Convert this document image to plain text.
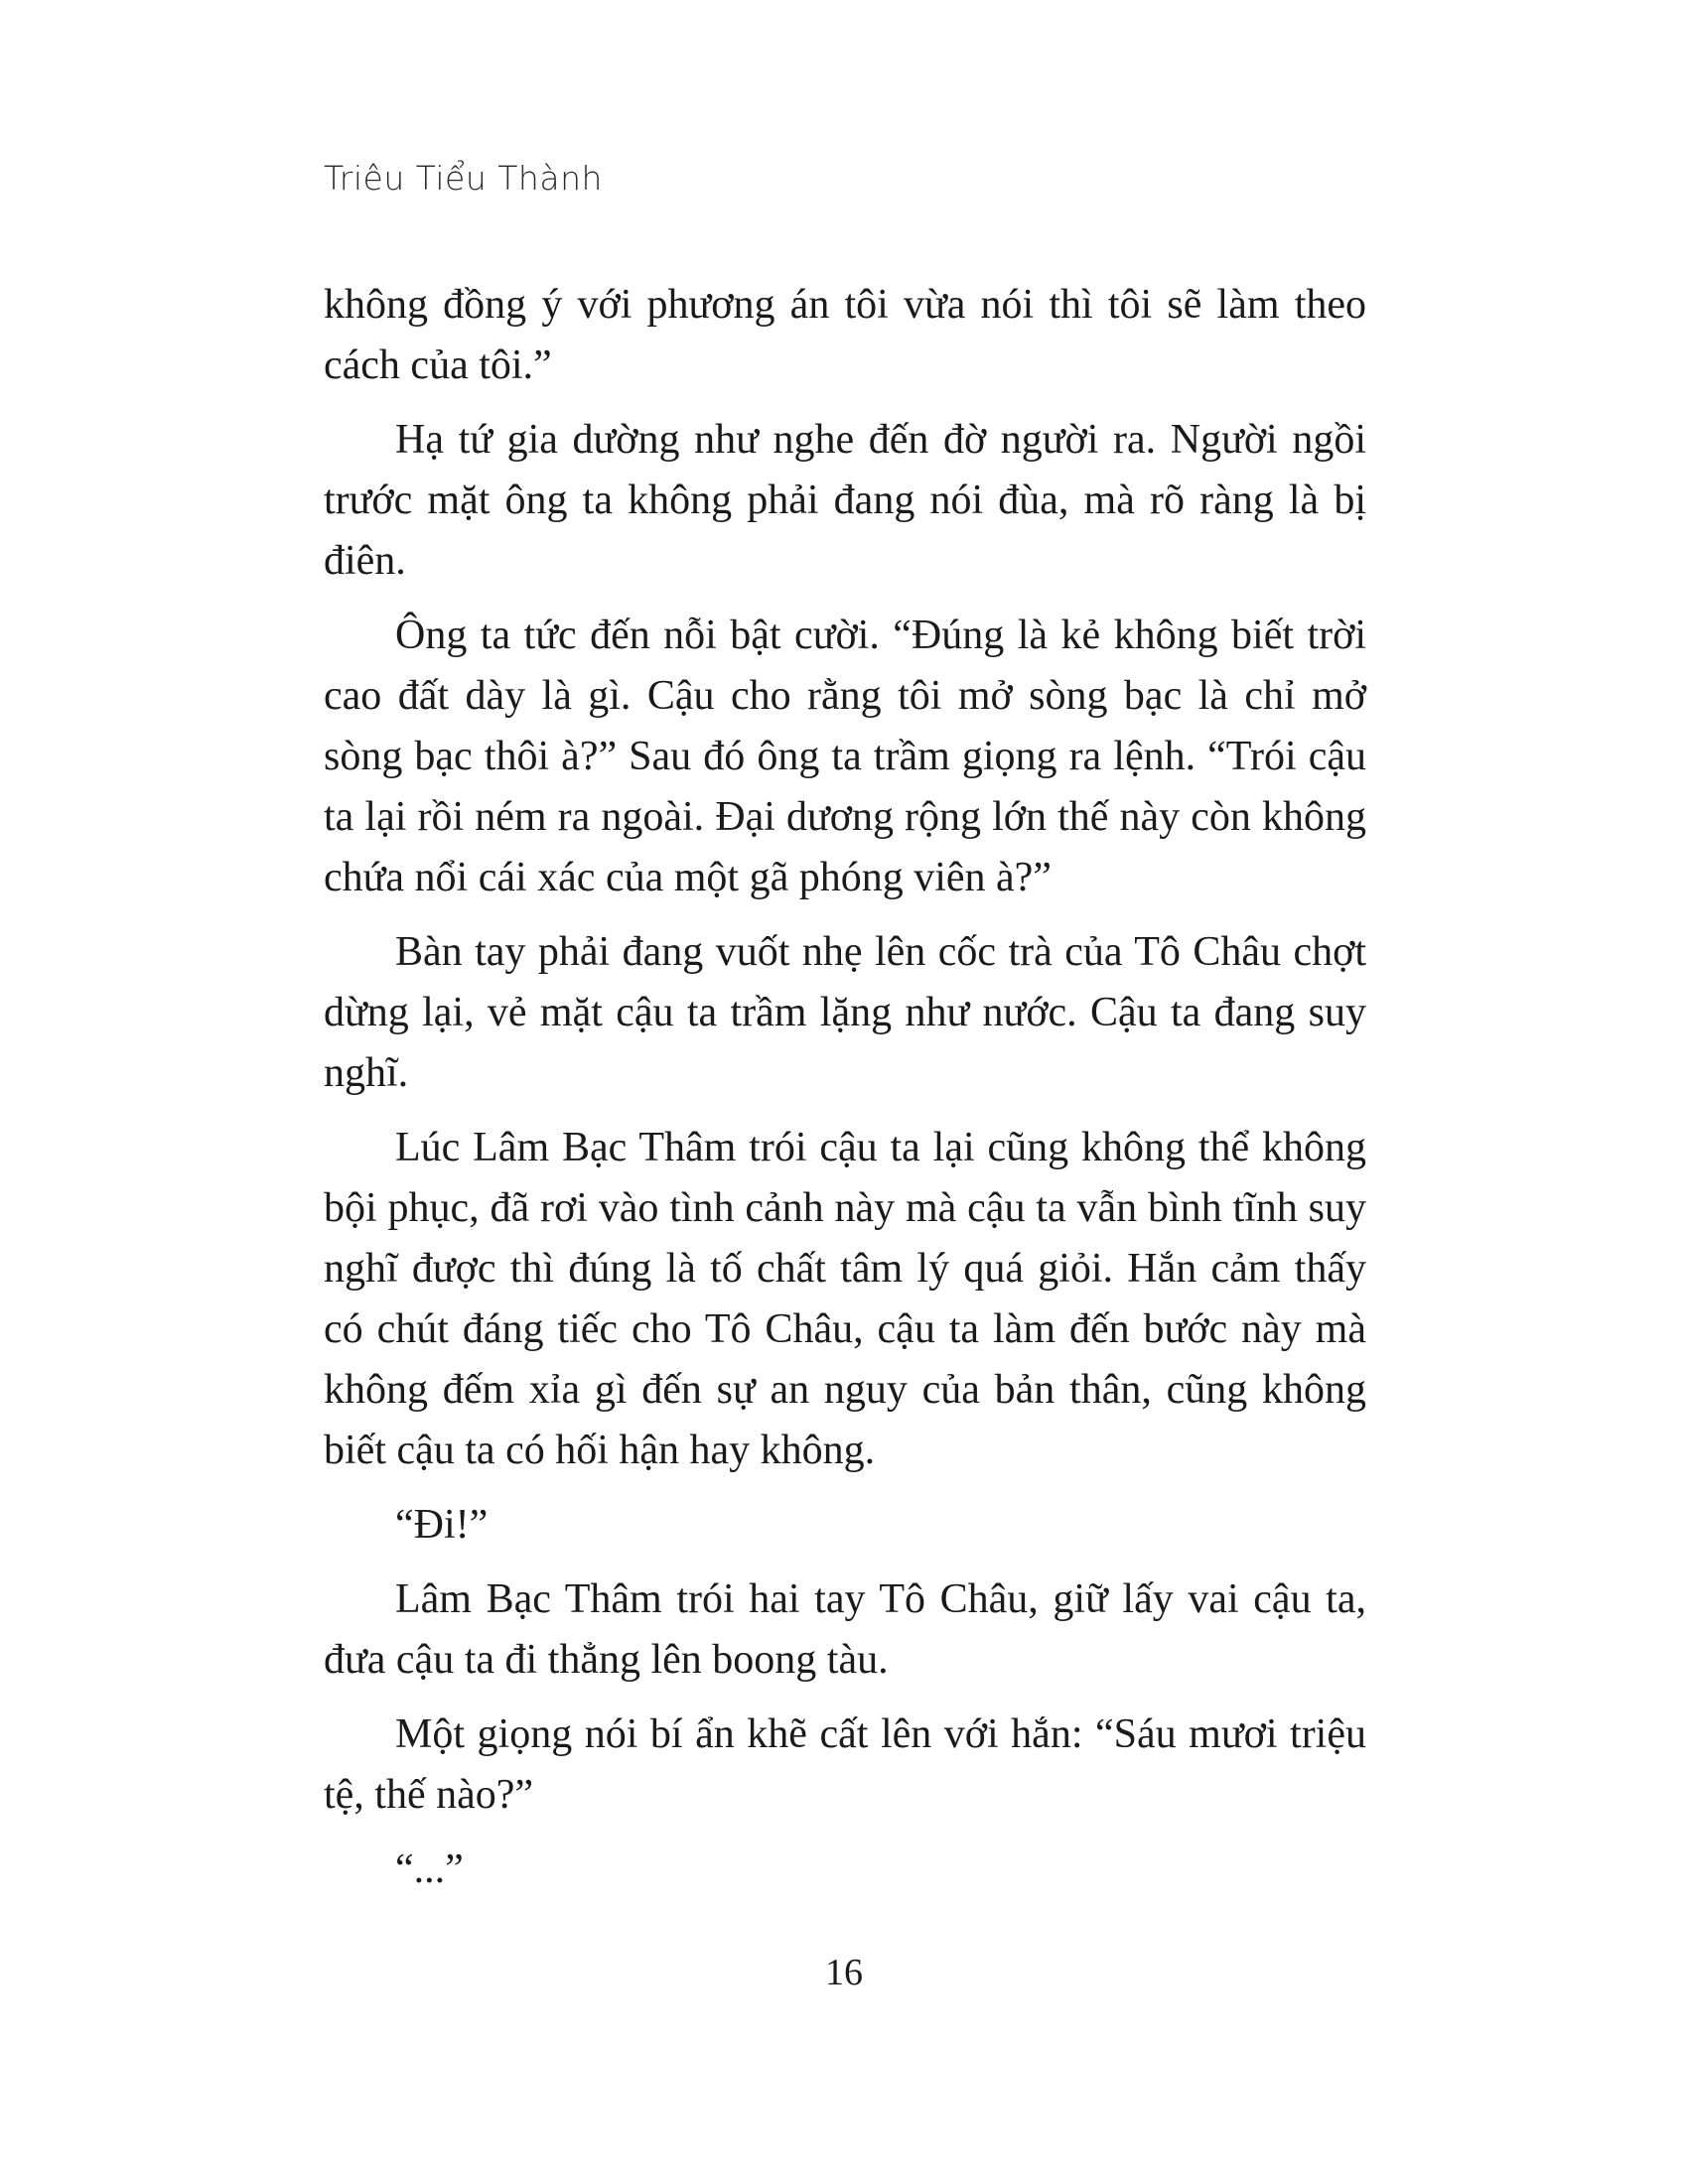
Triêu Tiểu Thành

không đồng ý với phương án tôi vừa nói thì tôi sẽ làm theo cách của tôi.”

Hạ tứ gia dường như nghe đến đờ người ra. Người ngồi trước mặt ông ta không phải đang nói đùa, mà rõ ràng là bị điên.

Ông ta tức đến nỗi bật cười. “Đúng là kẻ không biết trời cao đất dày là gì. Cậu cho rằng tôi mở sòng bạc là chỉ mở sòng bạc thôi à?” Sau đó ông ta trầm giọng ra lệnh. “Trói cậu ta lại rồi ném ra ngoài. Đại dương rộng lớn thế này còn không chứa nổi cái xác của một gã phóng viên à?”

Bàn tay phải đang vuốt nhẹ lên cốc trà của Tô Châu chợt dừng lại, vẻ mặt cậu ta trầm lặng như nước. Cậu ta đang suy nghĩ.

Lúc Lâm Bạc Thâm trói cậu ta lại cũng không thể không bội phục, đã rơi vào tình cảnh này mà cậu ta vẫn bình tĩnh suy nghĩ được thì đúng là tố chất tâm lý quá giỏi. Hắn cảm thấy có chút đáng tiếc cho Tô Châu, cậu ta làm đến bước này mà không đếm xỉa gì đến sự an nguy của bản thân, cũng không biết cậu ta có hối hận hay không.

“Đi!”

Lâm Bạc Thâm trói hai tay Tô Châu, giữ lấy vai cậu ta, đưa cậu ta đi thẳng lên boong tàu.

Một giọng nói bí ẩn khẽ cất lên với hắn: “Sáu mươi triệu tệ, thế nào?”

“...”

16
